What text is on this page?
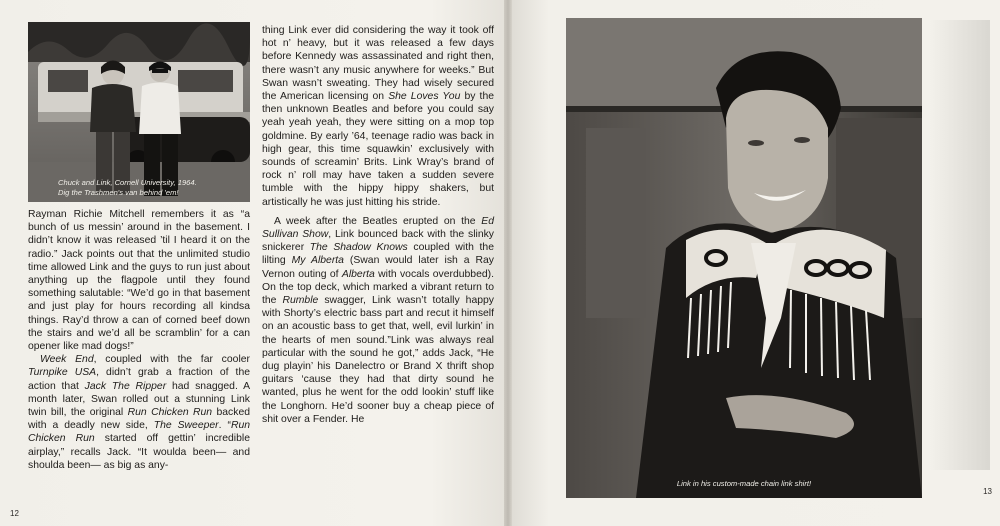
Chuck and Link, Cornell University, 1964.
Dig the Trashmen's van behind 'em!

Rayman Richie Mitchell remembers it as “a bunch of us messin’ around in the basement. I didn’t know it was released ’til I heard it on the radio.” Jack points out that the unlimited studio time allowed Link and the guys to run just about anything up the flagpole until they found something salutable: “We’d go in that basement and just play for hours recording all kindsa things. Ray’d throw a can of corned beef down the stairs and we’d all be scramblin’ for a can opener like mad dogs!”

Week End, coupled with the far cooler Turnpike USA, didn’t grab a fraction of the action that Jack The Ripper had snagged. A month later, Swan rolled out a stunning Link twin bill, the original Run Chicken Run backed with a deadly new side, The Sweeper. “Run Chicken Run started off gettin’ incredible airplay,” recalls Jack. “It woulda been— and shoulda been— as big as any-

thing Link ever did considering the way it took off hot n’ heavy, but it was released a few days before Kennedy was assassinated and right then, there wasn’t any music anywhere for weeks.” But Swan wasn’t sweating. They had wisely secured the American licensing on She Loves You by the then unknown Beatles and before you could say yeah yeah yeah, they were sitting on a mop top goldmine. By early ’64, teenage radio was back in high gear, this time squawkin’ exclusively with sounds of screamin’ Brits. Link Wray’s brand of rock n’ roll may have taken a sudden severe tumble with the hippy hippy shakers, but artistically he was just hitting his stride.

A week after the Beatles erupted on the Ed Sullivan Show, Link bounced back with the slinky snickerer The Shadow Knows coupled with the lilting My Alberta (Swan would later ish a Ray Vernon outing of Alberta with vocals overdubbed). On the top deck, which marked a vibrant return to the Rumble swagger, Link wasn’t totally happy with Shorty’s electric bass part and recut it himself on an acoustic bass to get that, well, evil lurkin’ in the hearts of men sound.”Link was always real particular with the sound he got,” adds Jack, “He dug playin’ his Danelectro or Brand X thrift shop guitars ‘cause they had that dirty sound he wanted, plus he went for the odd lookin’ stuff like the Longhorn. He’d sooner buy a cheap piece of shit over a Fender. He

12
Link in his custom-made chain link shirt!
13
